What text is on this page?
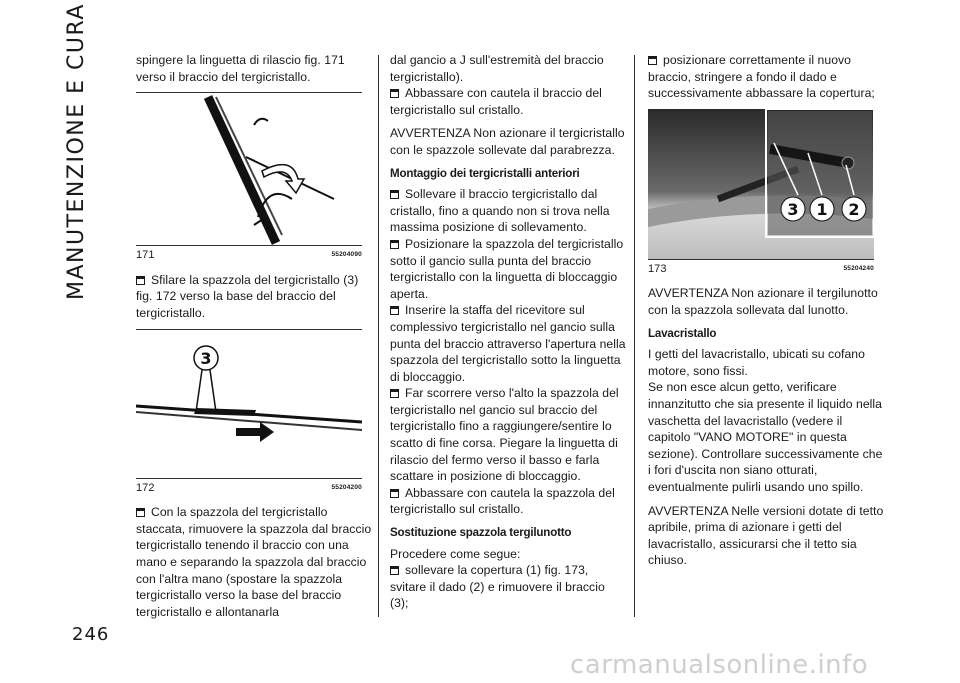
MANUTENZIONE E CURA
246

spingere la linguetta di rilascio fig. 171 verso il braccio del tergicristallo.

171	55204090

Sfilare la spazzola del tergicristallo (3) fig. 172 verso la base del braccio del tergicristallo.

3
172	55204200

Con la spazzola del tergicristallo staccata, rimuovere la spazzola dal braccio tergicristallo tenendo il braccio con una mano e separando la spazzola dal braccio con l'altra mano (spostare la spazzola tergicristallo verso la base del braccio tergicristallo e allontanarla

dal gancio a J sull'estremità del braccio tergicristallo).

Abbassare con cautela il braccio del tergicristallo sul cristallo.

AVVERTENZA Non azionare il tergicristallo con le spazzole sollevate dal parabrezza.

Montaggio dei tergicristalli anteriori

Sollevare il braccio tergicristallo dal cristallo, fino a quando non si trova nella massima posizione di sollevamento.

Posizionare la spazzola del tergicristallo sotto il gancio sulla punta del braccio tergicristallo con la linguetta di bloccaggio aperta.

Inserire la staffa del ricevitore sul complessivo tergicristallo nel gancio sulla punta del braccio attraverso l'apertura nella spazzola del tergicristallo sotto la linguetta di bloccaggio.

Far scorrere verso l'alto la spazzola del tergicristallo nel gancio sul braccio del tergicristallo fino a raggiungere/sentire lo scatto di fine corsa. Piegare la linguetta di rilascio del fermo verso il basso e farla scattare in posizione di bloccaggio.

Abbassare con cautela la spazzola del tergicristallo sul cristallo.

Sostituzione spazzola tergilunotto

Procedere come segue:

sollevare la copertura (1) fig. 173, svitare il dado (2) e rimuovere il braccio (3);

posizionare correttamente il nuovo braccio, stringere a fondo il dado e successivamente abbassare la copertura;

3 1 2
173	55204240

AVVERTENZA Non azionare il tergilunotto con la spazzola sollevata dal lunotto.

Lavacristallo

I getti del lavacristallo, ubicati su cofano motore, sono fissi.

Se non esce alcun getto, verificare innanzitutto che sia presente il liquido nella vaschetta del lavacristallo (vedere il capitolo "VANO MOTORE" in questa sezione). Controllare successivamente che i fori d'uscita non siano otturati, eventualmente pulirli usando uno spillo.

AVVERTENZA Nelle versioni dotate di tetto apribile, prima di azionare i getti del lavacristallo, assicurarsi che il tetto sia chiuso.

carmanualsonline.info
